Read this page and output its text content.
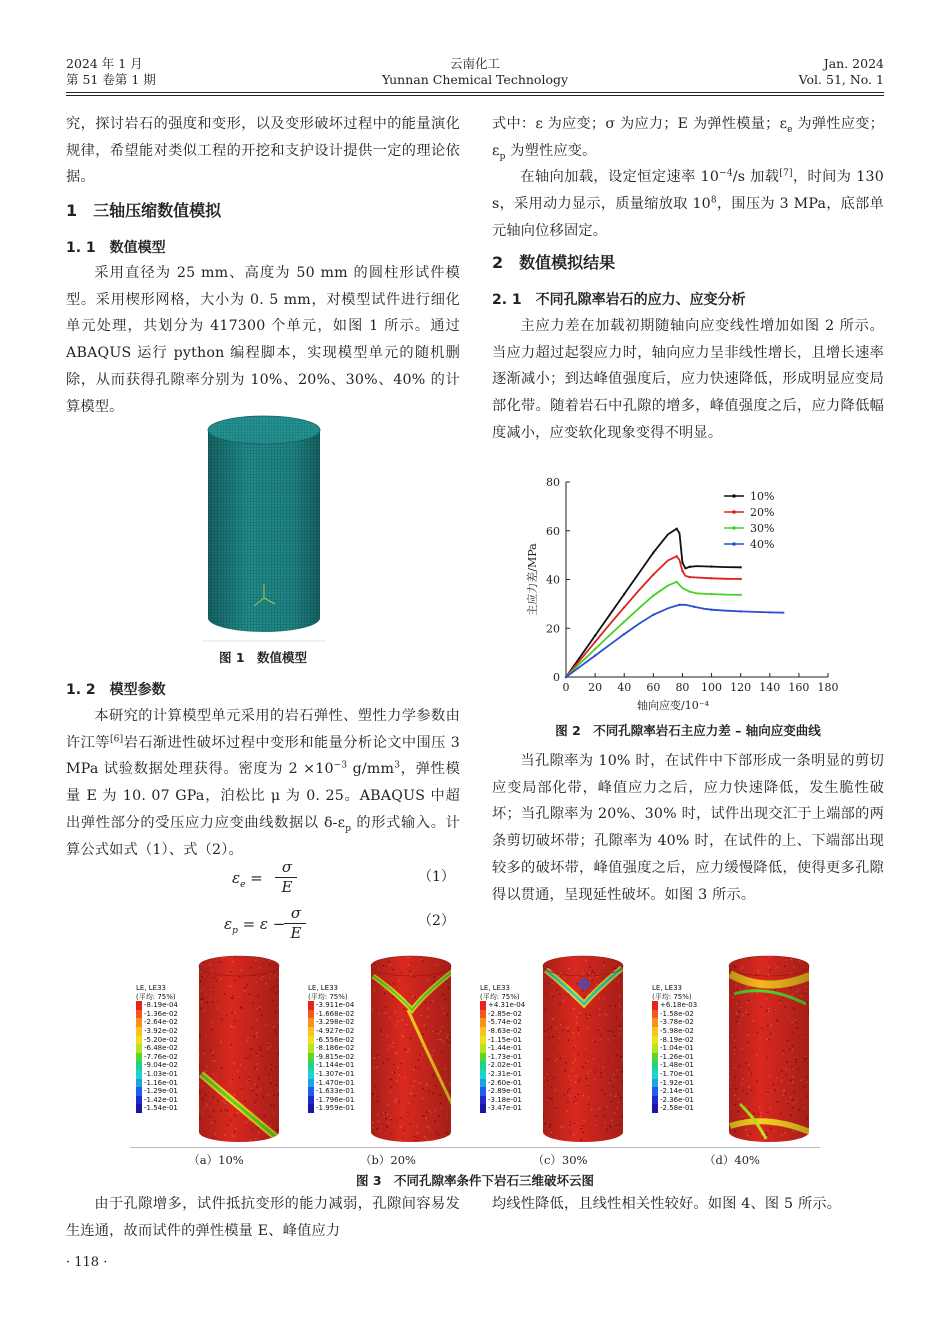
2024 年 1 月
第 51 卷第 1 期
云南化工
Yunnan Chemical Technology
Jan. 2024
Vol. 51, No. 1

究，探讨岩石的强度和变形，以及变形破坏过程中的能量演化规律，希望能对类似工程的开挖和支护设计提供一定的理论依据。

1　三轴压缩数值模拟
1. 1　数值模型

采用直径为 25 mm、高度为 50 mm 的圆柱形试件模型。采用楔形网格，大小为 0. 5 mm，对模型试件进行细化单元处理，共划分为 417300 个单元，如图 1 所示。通过 ABAQUS 运行 python 编程脚本，实现模型单元的随机删除，从而获得孔隙率分别为 10%、20%、30%、40% 的计算模型。

图 1　数值模型
1. 2　模型参数

本研究的计算模型单元采用的岩石弹性、塑性力学参数由许江等[6]岩石渐进性破坏过程中变形和能量分析论文中围压 3 MPa 试验数据处理获得。密度为 $2 \times 10^{-3}$ $g/mm^3$，弹性模量 E 为 10. 07 GPa，泊松比 μ 为 0. 25。ABAQUS 中超出弹性部分的受压应力应变曲线数据以 $\delta-\varepsilon_p$ 的形式输入。计算公式如式（1）、式（2）。

$\varepsilon_e$ =
σ
E
（1）
$\varepsilon_p = \varepsilon$ −
σ
E
（2）

式中：ε 为应变；σ 为应力；E 为弹性模量；$\varepsilon_e$ 为弹性应变；$\varepsilon_p$ 为塑性应变。

在轴向加载，设定恒定速率 $10^{-4}/s$ 加载[7]，时间为 130 s，采用动力显示，质量缩放取 $10^8$，围压为 3 MPa，底部单元轴向位移固定。

2　数值模拟结果
2. 1　不同孔隙率岩石的应力、应变分析

主应力差在加载初期随轴向应变线性增加如图 2 所示。当应力超过起裂应力时，轴向应力呈非线性增长，且增长速率逐渐减小；到达峰值强度后，应力快速降低，形成明显应变局部化带。随着岩石中孔隙的增多，峰值强度之后，应力降低幅度减小，应变软化现象变得不明显。

0 20 40 60 80 100 120 140 160 180
0
20
40
60
80
轴向应变/10⁻⁴
主应力差/MPa
10%
20%
30%
40%
图 2　不同孔隙率岩石主应力差 – 轴向应变曲线

当孔隙率为 10% 时，在试件中下部形成一条明显的剪切应变局部化带，峰值应力之后，应力快速降低，发生脆性破坏；当孔隙率为 20%、30% 时，试件出现交汇于上端部的两条剪切破坏带；孔隙率为 40% 时，在试件的上、下端部出现较多的破坏带，峰值强度之后，应力缓慢降低，使得更多孔隙得以贯通，呈现延性破坏。如图 3 所示。

LE, LE33
(平均: 75%)
-8.19e-04
-1.36e-02
-2.64e-02
-3.92e-02
-5.20e-02
-6.48e-02
-7.76e-02
-9.04e-02
-1.03e-01
-1.16e-01
-1.29e-01
-1.42e-01
-1.54e-01
LE, LE33
(平均: 75%)
-3.911e-04
-1.668e-02
-3.298e-02
-4.927e-02
-6.556e-02
-8.186e-02
-9.815e-02
-1.144e-01
-1.307e-01
-1.470e-01
-1.633e-01
-1.796e-01
-1.959e-01
LE, LE33
(平均: 75%)
+4.31e-04
-2.85e-02
-5.74e-02
-8.63e-02
-1.15e-01
-1.44e-01
-1.73e-01
-2.02e-01
-2.31e-01
-2.60e-01
-2.89e-01
-3.18e-01
-3.47e-01
LE, LE33
(平均: 75%)
+6.18e-03
-1.58e-02
-3.78e-02
-5.98e-02
-8.19e-02
-1.04e-01
-1.26e-01
-1.48e-01
-1.70e-01
-1.92e-01
-2.14e-01
-2.36e-01
-2.58e-01
（a）10%	（b）20%	（c）30%	（d）40%
图 3　不同孔隙率条件下岩石三维破坏云图

由于孔隙增多，试件抵抗变形的能力减弱，孔隙间容易发生连通，故而试件的弹性模量 E、峰值应力

均线性降低，且线性相关性较好。如图 4、图 5 所示。

· 118 ·
